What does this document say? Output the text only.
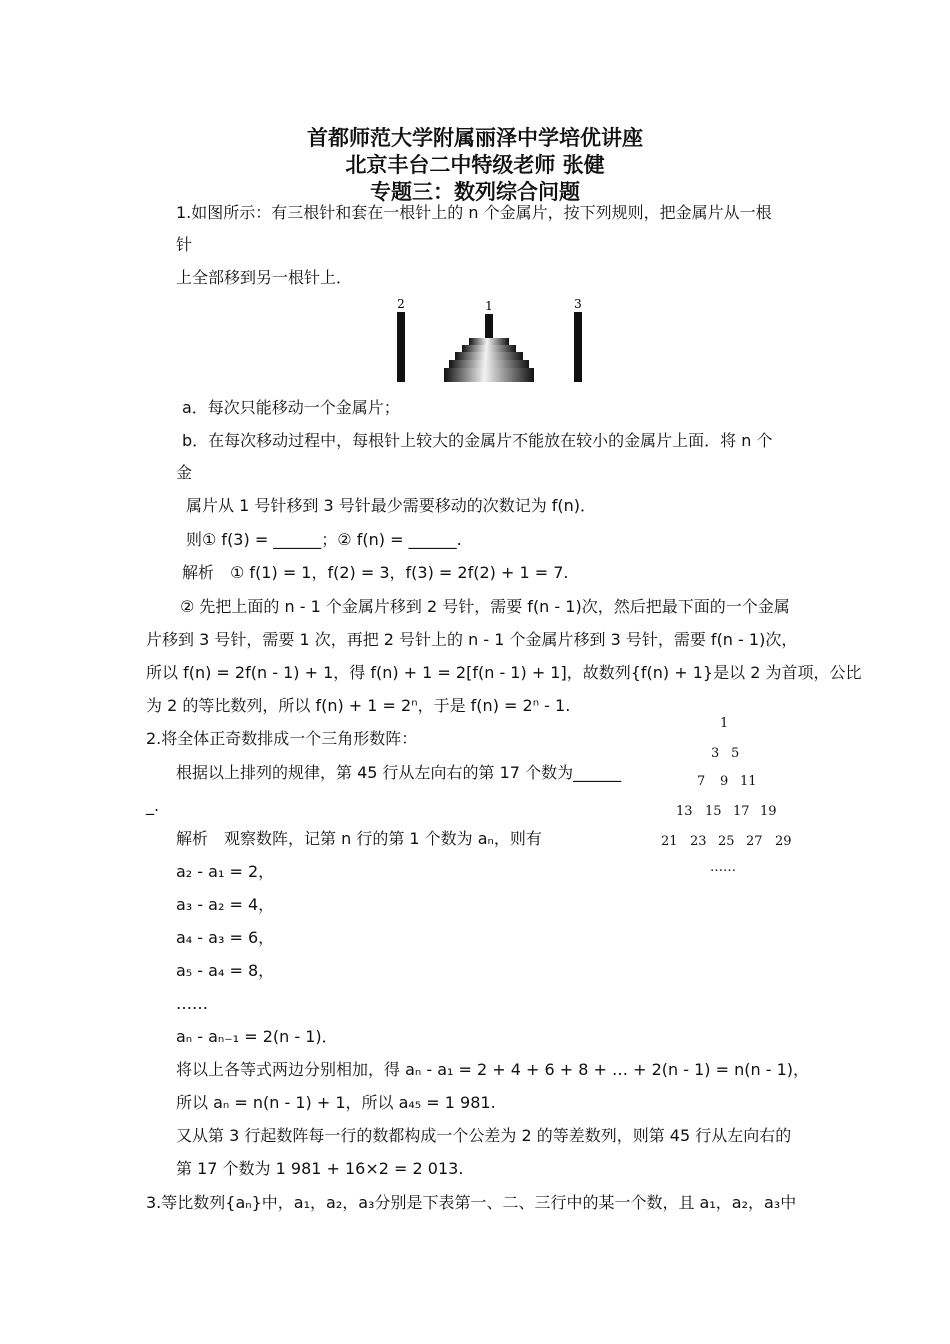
首都师范大学附属丽泽中学培优讲座
北京丰台二中特级老师 张健
专题三：数列综合问题
1.如图所示：有三根针和套在一根针上的 n 个金属片，按下列规则，把金属片从一根
针
上全部移到另一根针上．
2	1	3
a．每次只能移动一个金属片；
b．在每次移动过程中，每根针上较大的金属片不能放在较小的金属片上面．将 n 个
金
属片从 1 号针移到 3 号针最少需要移动的次数记为 f(n)．
则① f(3) = ______；② f(n) = ______.
解析　① f(1) = 1，f(2) = 3，f(3) = 2f(2) + 1 = 7.
② 先把上面的 n - 1 个金属片移到 2 号针，需要 f(n - 1)次，然后把最下面的一个金属
片移到 3 号针，需要 1 次，再把 2 号针上的 n - 1 个金属片移到 3 号针，需要 f(n - 1)次，
所以 f(n) = 2f(n - 1) + 1，得 f(n) + 1 = 2[f(n - 1) + 1]，故数列{f(n) + 1}是以 2 为首项，公比
为 2 的等比数列，所以 f(n) + 1 = 2ⁿ，于是 f(n) = 2ⁿ - 1.
2.将全体正奇数排成一个三角形数阵：
根据以上排列的规律，第 45 行从左向右的第 17 个数为______
_.
1
3 5
7 9 11
13 15 17 19
21 23 25 27 29
……
解析　观察数阵，记第 n 行的第 1 个数为 aₙ，则有
a₂ - a₁ = 2，
a₃ - a₂ = 4，
a₄ - a₃ = 6，
a₅ - a₄ = 8，
……
aₙ - aₙ₋₁ = 2(n - 1)．
将以上各等式两边分别相加，得 aₙ - a₁ = 2 + 4 + 6 + 8 + … + 2(n - 1) = n(n - 1)，
所以 aₙ = n(n - 1) + 1，所以 a₄₅ = 1 981.
又从第 3 行起数阵每一行的数都构成一个公差为 2 的等差数列，则第 45 行从左向右的
第 17 个数为 1 981 + 16×2 = 2 013.
3.等比数列{aₙ}中，a₁，a₂，a₃分别是下表第一、二、三行中的某一个数，且 a₁，a₂，a₃中
